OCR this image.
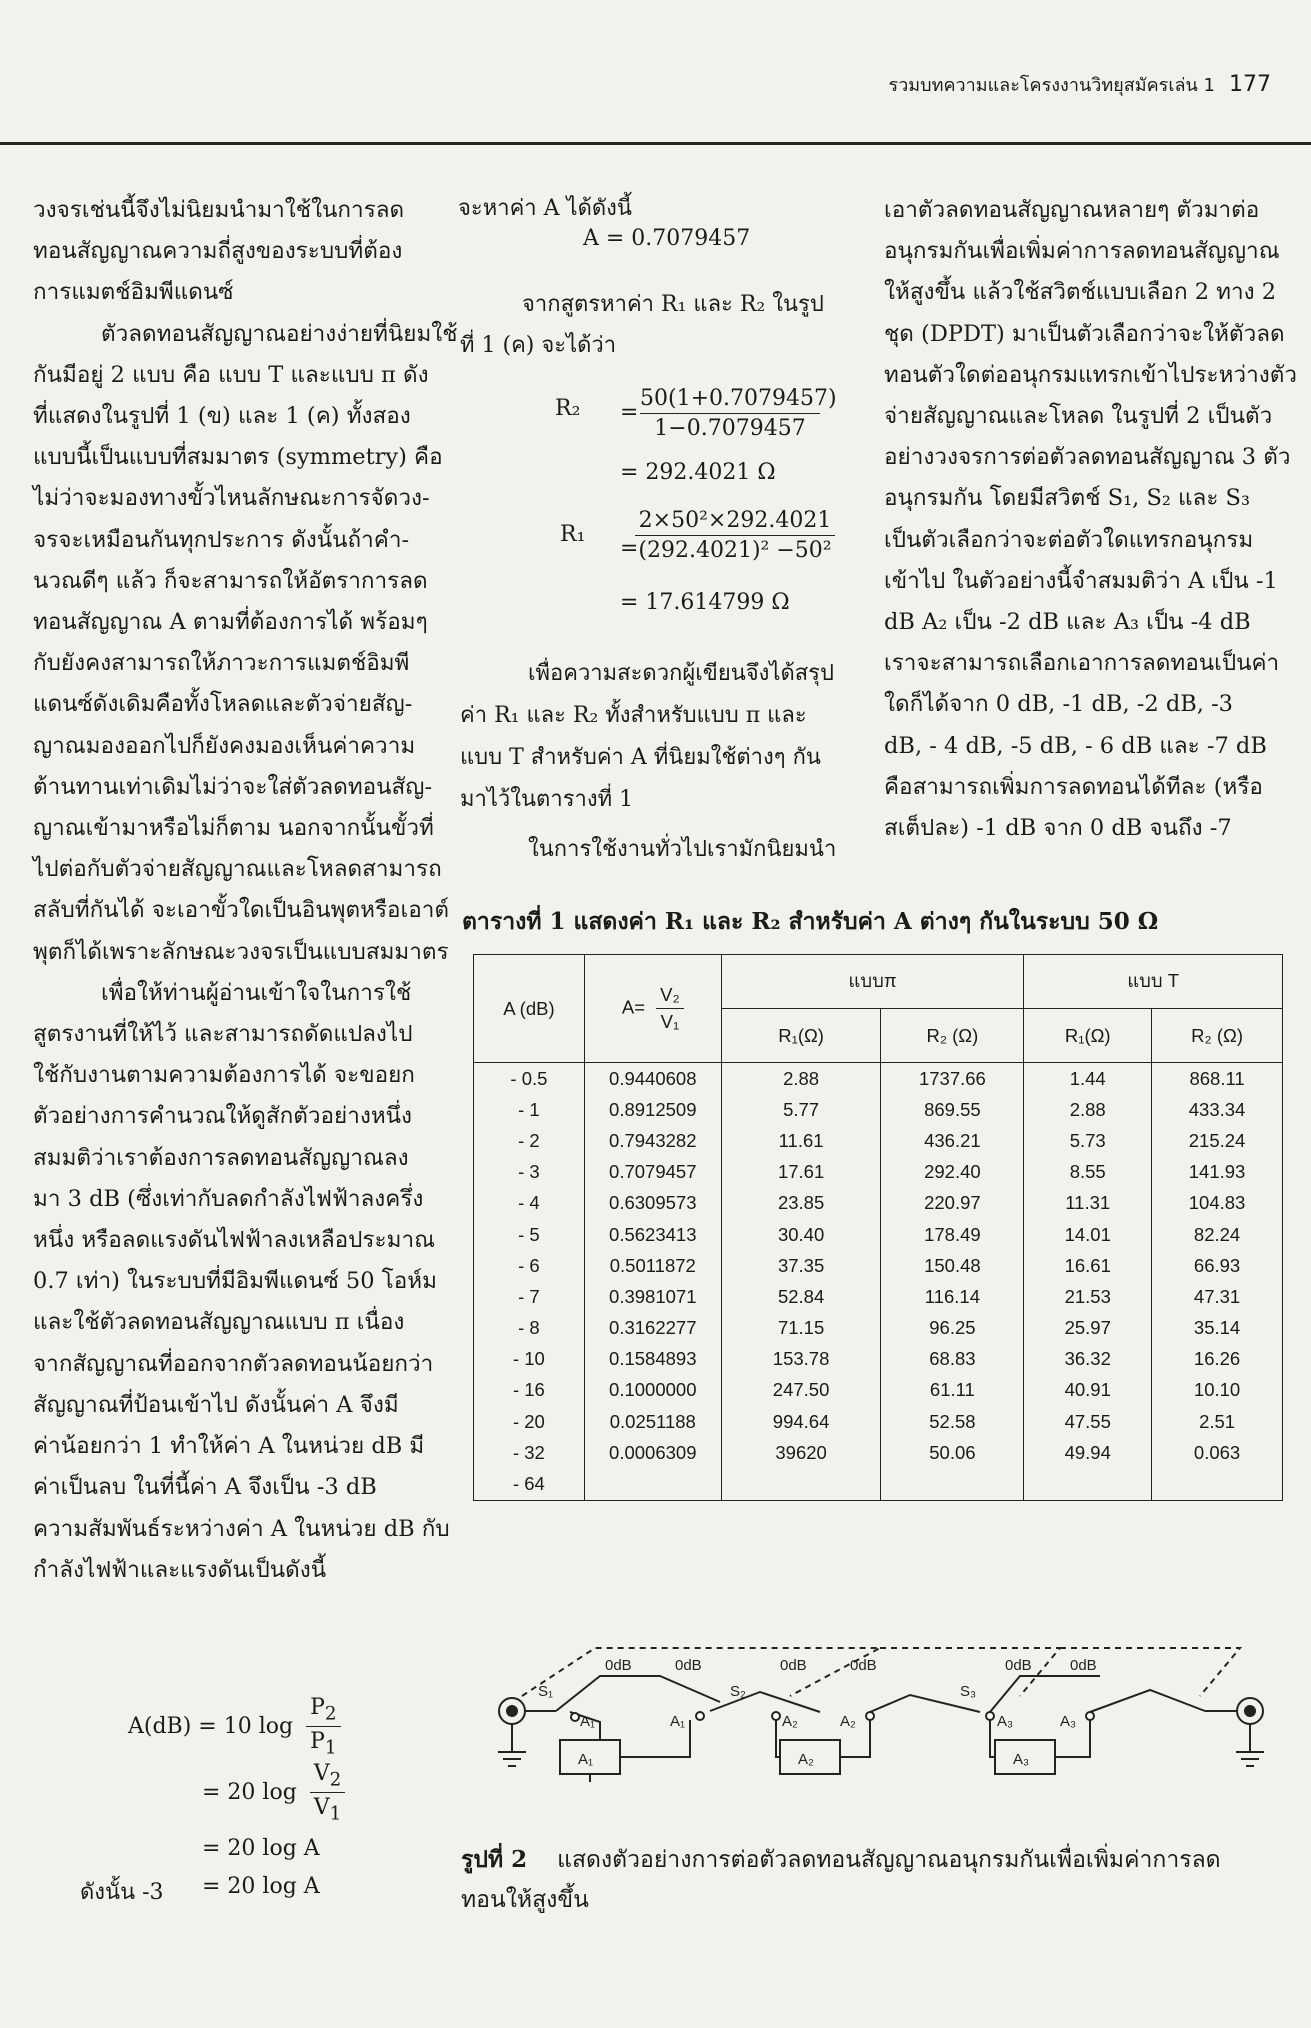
รวมบทความและโครงงานวิทยุสมัครเล่น 1 177

วงจรเช่นนี้จึงไม่นิยมนำมาใช้ในการลด

ทอนสัญญาณความถี่สูงของระบบที่ต้อง

การแมตช์อิมพีแดนซ์

ตัวลดทอนสัญญาณอย่างง่ายที่นิยมใช้

กันมีอยู่ 2 แบบ คือ แบบ T และแบบ π ดัง

ที่แสดงในรูปที่ 1 (ข) และ 1 (ค) ทั้งสอง

แบบนี้เป็นแบบที่สมมาตร (symmetry) คือ

ไม่ว่าจะมองทางขั้วไหนลักษณะการจัดวง-

จรจะเหมือนกันทุกประการ ดังนั้นถ้าคำ-

นวณดีๆ แล้ว ก็จะสามารถให้อัตราการลด

ทอนสัญญาณ A ตามที่ต้องการได้ พร้อมๆ

กับยังคงสามารถให้ภาวะการแมตช์อิมพี

แดนซ์ดังเดิมคือทั้งโหลดและตัวจ่ายสัญ-

ญาณมองออกไปก็ยังคงมองเห็นค่าความ

ต้านทานเท่าเดิมไม่ว่าจะใส่ตัวลดทอนสัญ-

ญาณเข้ามาหรือไม่ก็ตาม นอกจากนั้นขั้วที่

ไปต่อกับตัวจ่ายสัญญาณและโหลดสามารถ

สลับที่กันได้ จะเอาขั้วใดเป็นอินพุตหรือเอาต์

พุตก็ได้เพราะลักษณะวงจรเป็นแบบสมมาตร

เพื่อให้ท่านผู้อ่านเข้าใจในการใช้

สูตรงานที่ให้ไว้ และสามารถดัดแปลงไป

ใช้กับงานตามความต้องการได้ จะขอยก

ตัวอย่างการคำนวณให้ดูสักตัวอย่างหนึ่ง

สมมติว่าเราต้องการลดทอนสัญญาณลง

มา 3 dB (ซึ่งเท่ากับลดกำลังไฟฟ้าลงครึ่ง

หนึ่ง หรือลดแรงดันไฟฟ้าลงเหลือประมาณ

0.7 เท่า) ในระบบที่มีอิมพีแดนซ์ 50 โอห์ม

และใช้ตัวลดทอนสัญญาณแบบ π เนื่อง

จากสัญญาณที่ออกจากตัวลดทอนน้อยกว่า

สัญญาณที่ป้อนเข้าไป ดังนั้นค่า A จึงมี

ค่าน้อยกว่า 1 ทำให้ค่า A ในหน่วย dB มี

ค่าเป็นลบ ในที่นี้ค่า A จึงเป็น -3 dB

ความสัมพันธ์ระหว่างค่า A ในหน่วย dB กับ

กำลังไฟฟ้าและแรงดันเป็นดังนี้

A(dB) = 10 $\log \frac{P_2}{P_1}$
= 20 $\log \frac{V_2}{V_1}$
= 20 log A
ดังนั้น -3 = 20 log A
จะหาค่า A ได้ดังนี้
A = 0.7079457
จากสูตรหาค่า R₁ และ R₂ ในรูป
ที่ 1 (ค) จะได้ว่า
$R_2 = \frac{50(1+0.7079457)}{1-0.7079457}$
= 292.4021 Ω
R₁
=
$\frac{\text{2×50²×292.4021}}{\text{(292.4021)² −50²}}$
= 17.614799 Ω
เพื่อความสะดวกผู้เขียนจึงได้สรุป
ค่า R₁ และ R₂ ทั้งสำหรับแบบ π และ
แบบ T สำหรับค่า A ที่นิยมใช้ต่างๆ กัน
มาไว้ในตารางที่ 1
ในการใช้งานทั่วไปเรามักนิยมนำ

เอาตัวลดทอนสัญญาณหลายๆ ตัวมาต่อ

อนุกรมกันเพื่อเพิ่มค่าการลดทอนสัญญาณ

ให้สูงขึ้น แล้วใช้สวิตช์แบบเลือก 2 ทาง 2

ชุด (DPDT) มาเป็นตัวเลือกว่าจะให้ตัวลด

ทอนตัวใดต่ออนุกรมแทรกเข้าไประหว่างตัว

จ่ายสัญญาณและโหลด ในรูปที่ 2 เป็นตัว

อย่างวงจรการต่อตัวลดทอนสัญญาณ 3 ตัว

อนุกรมกัน โดยมีสวิตช์ S₁, S₂ และ S₃

เป็นตัวเลือกว่าจะต่อตัวใดแทรกอนุกรม

เข้าไป ในตัวอย่างนี้จำสมมติว่า A เป็น -1

dB A₂ เป็น -2 dB และ A₃ เป็น -4 dB

เราจะสามารถเลือกเอาการลดทอนเป็นค่า

ใดก็ได้จาก 0 dB, -1 dB, -2 dB, -3

dB, - 4 dB, -5 dB, - 6 dB และ -7 dB

คือสามารถเพิ่มการลดทอนได้ทีละ (หรือ

สเต็ปละ) -1 dB จาก 0 dB จนถึง -7

ตารางที่ 1 แสดงค่า R₁ และ R₂ สำหรับค่า A ต่างๆ กันในระบบ 50 Ω
A (dB)	$A= \frac{\text{V₂}}{\text{V₁}}$	แบบπ		แบบ T	
		R₁(Ω)	R₂ (Ω)	R₁(Ω)	R₂ (Ω)
- 0.5	0.9440608	2.88	1737.66	1.44	868.11
- 1	0.8912509	5.77	869.55	2.88	433.34
- 2	0.7943282	11.61	436.21	5.73	215.24
- 3	0.7079457	17.61	292.40	8.55	141.93
- 4	0.6309573	23.85	220.97	11.31	104.83
- 5	0.5623413	30.40	178.49	14.01	82.24
- 6	0.5011872	37.35	150.48	16.61	66.93
- 7	0.3981071	52.84	116.14	21.53	47.31
- 8	0.3162277	71.15	96.25	25.97	35.14
- 10	0.1584893	153.78	68.83	36.32	16.26
- 16	0.1000000	247.50	61.11	40.91	10.10
- 20	0.0251188	994.64	52.58	47.55	2.51
- 32	0.0006309	39620	50.06	49.94	0.063
- 64					
S₁
0dB	0dB
A₁	A₁
A₁
S₂
0dB	0dB
A₂	A₂
A₂
S₃
0dB	0dB
A₃	A₃
A₃
รูปที่ 2 แสดงตัวอย่างการต่อตัวลดทอนสัญญาณอนุกรมกันเพื่อเพิ่มค่าการลด
ทอนให้สูงขึ้น
